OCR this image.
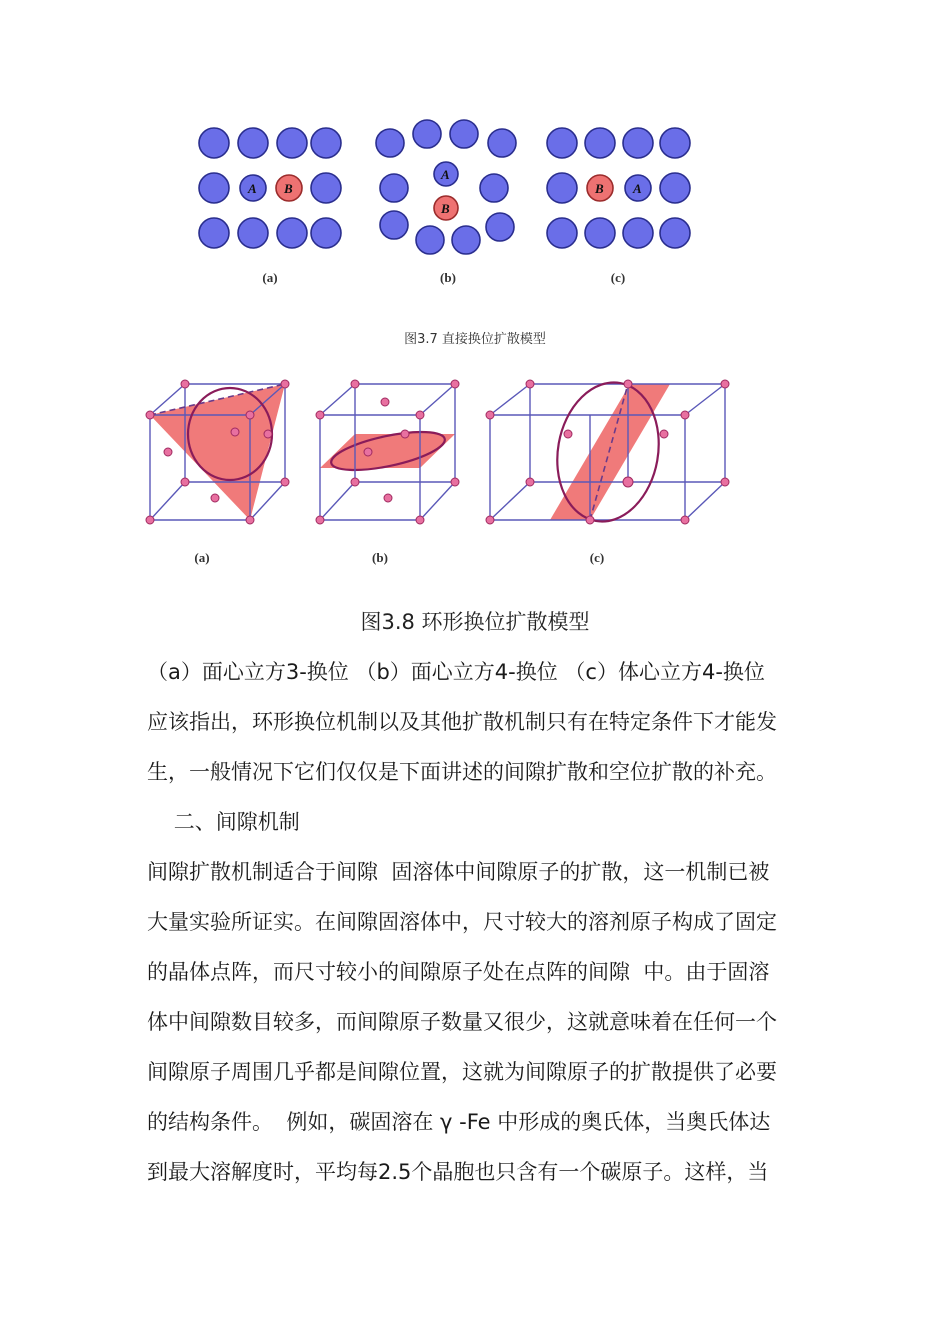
A B
A
B
B A
(a)	(b)	(c)
图3.7 直接换位扩散模型
(a)	(b)	(c)
图3.8 环形换位扩散模型
（a）面心立方3-换位 （b）面心立方4-换位 （c）体心立方4-换位
应该指出，环形换位机制以及其他扩散机制只有在特定条件下才能发
生，一般情况下它们仅仅是下面讲述的间隙扩散和空位扩散的补充。
二、间隙机制
间隙扩散机制适合于间隙  固溶体中间隙原子的扩散，这一机制已被
大量实验所证实。在间隙固溶体中，尺寸较大的溶剂原子构成了固定
的晶体点阵，而尺寸较小的间隙原子处在点阵的间隙  中。由于固溶
体中间隙数目较多，而间隙原子数量又很少，这就意味着在任何一个
间隙原子周围几乎都是间隙位置，这就为间隙原子的扩散提供了必要
的结构条件。  例如，碳固溶在 γ -Fe 中形成的奥氏体，当奥氏体达
到最大溶解度时，平均每2.5个晶胞也只含有一个碳原子。这样，当
